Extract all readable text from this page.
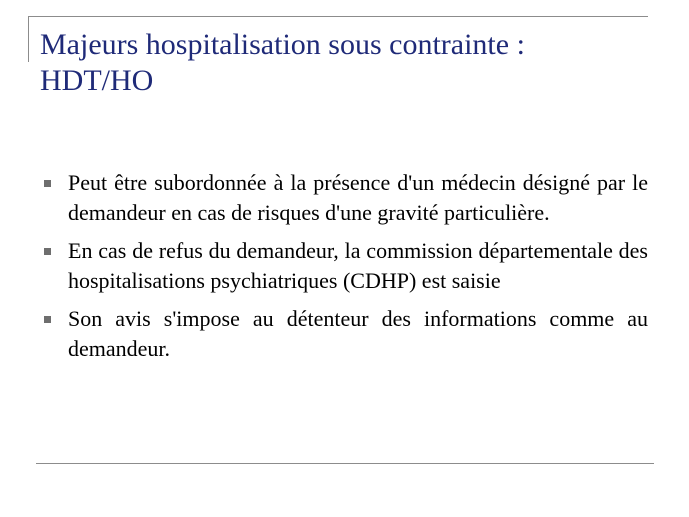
Majeurs hospitalisation sous contrainte :
HDT/HO
Peut être subordonnée à la présence d'un médecin désigné par le demandeur en cas de risques d'une gravité particulière.
En cas de refus du demandeur, la commission départementale des hospitalisations psychiatriques (CDHP) est saisie
Son avis s'impose au détenteur des informations comme au demandeur.
